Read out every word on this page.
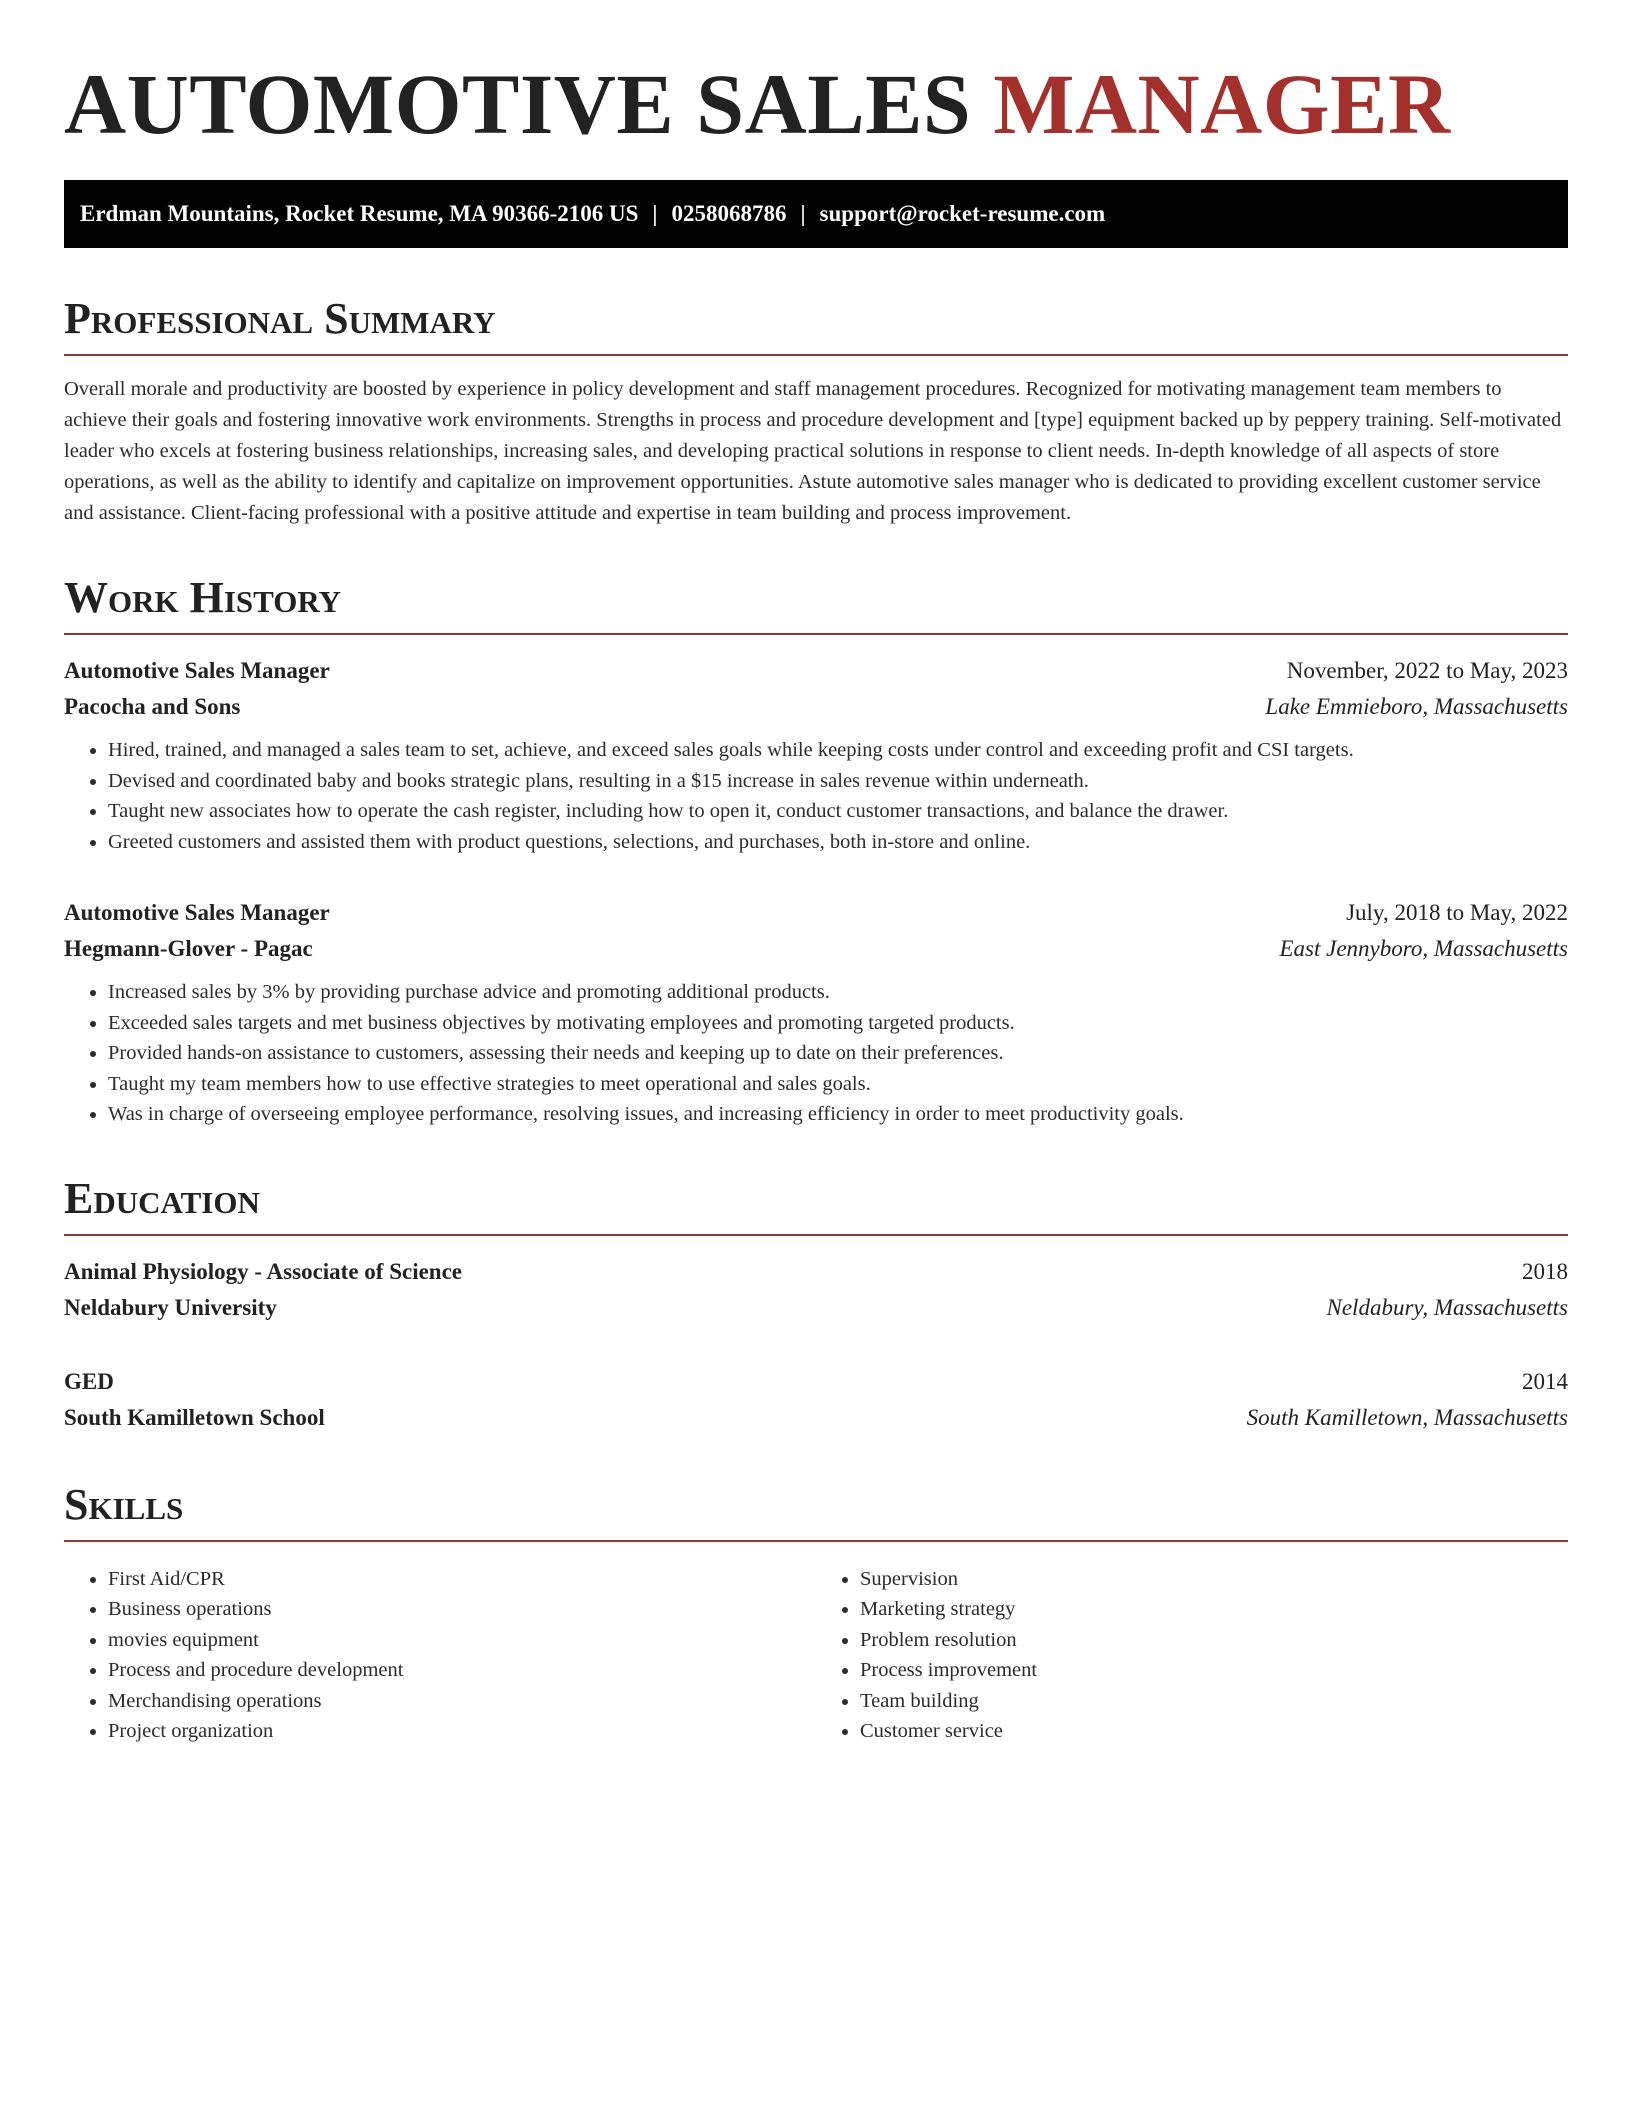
AUTOMOTIVE SALES MANAGER
Erdman Mountains, Rocket Resume, MA 90366-2106 US | 0258068786 | support@rocket-resume.com
Professional Summary

Overall morale and productivity are boosted by experience in policy development and staff management procedures. Recognized for motivating management team members to achieve their goals and fostering innovative work environments. Strengths in process and procedure development and [type] equipment backed up by peppery training. Self-motivated leader who excels at fostering business relationships, increasing sales, and developing practical solutions in response to client needs. In-depth knowledge of all aspects of store operations, as well as the ability to identify and capitalize on improvement opportunities. Astute automotive sales manager who is dedicated to providing excellent customer service and assistance. Client-facing professional with a positive attitude and expertise in team building and process improvement.

Work History
Automotive Sales Manager	November, 2022 to May, 2023
Pacocha and Sons	Lake Emmieboro, Massachusetts
• Hired, trained, and managed a sales team to set, achieve, and exceed sales goals while keeping costs under control and exceeding profit and CSI targets.
• Devised and coordinated baby and books strategic plans, resulting in a $15 increase in sales revenue within underneath.
• Taught new associates how to operate the cash register, including how to open it, conduct customer transactions, and balance the drawer.
• Greeted customers and assisted them with product questions, selections, and purchases, both in-store and online.
Automotive Sales Manager	July, 2018 to May, 2022
Hegmann-Glover - Pagac	East Jennyboro, Massachusetts
• Increased sales by 3% by providing purchase advice and promoting additional products.
• Exceeded sales targets and met business objectives by motivating employees and promoting targeted products.
• Provided hands-on assistance to customers, assessing their needs and keeping up to date on their preferences.
• Taught my team members how to use effective strategies to meet operational and sales goals.
• Was in charge of overseeing employee performance, resolving issues, and increasing efficiency in order to meet productivity goals.
Education
Animal Physiology - Associate of Science	2018
Neldabury University	Neldabury, Massachusetts
GED	2014
South Kamilletown School	South Kamilletown, Massachusetts
Skills
• First Aid/CPR
• Business operations
• movies equipment
• Process and procedure development
• Merchandising operations
• Project organization
• Supervision
• Marketing strategy
• Problem resolution
• Process improvement
• Team building
• Customer service
